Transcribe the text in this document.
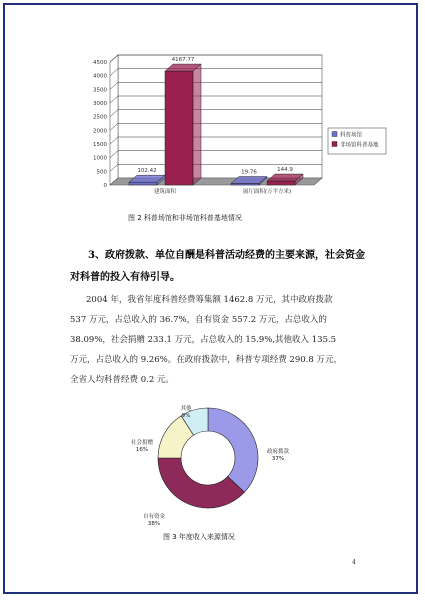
0
500
1000
1500
2000
2500
3000
3500
4000
4500
102.42
4167.77
19.76	144.9
建筑面积	展厅面积(万平方米)
科普场馆
非场馆科普基地
图 2 科普场馆和非场馆科普基地情况
3、政府拨款、单位自酬是科普活动经费的主要来源，社会资金
对科普的投入有待引导。
2004 年，我省年度科普经费筹集额 1462.8 万元，其中政府拨款
537 万元，占总收入的 36.7%，自有资金 557.2 万元，占总收入的
38.09%，社会捐赠 233.1 万元，占总收入的 15.9%,其他收入 135.5
万元，占总收入的 9.26%。在政府拨款中，科普专项经费 290.8 万元，
全省人均科普经费 0.2 元。
政府拨款
37%
自有资金
38%
社会捐赠
16%
其他
9%
图 3 年度收入来源情况
4
